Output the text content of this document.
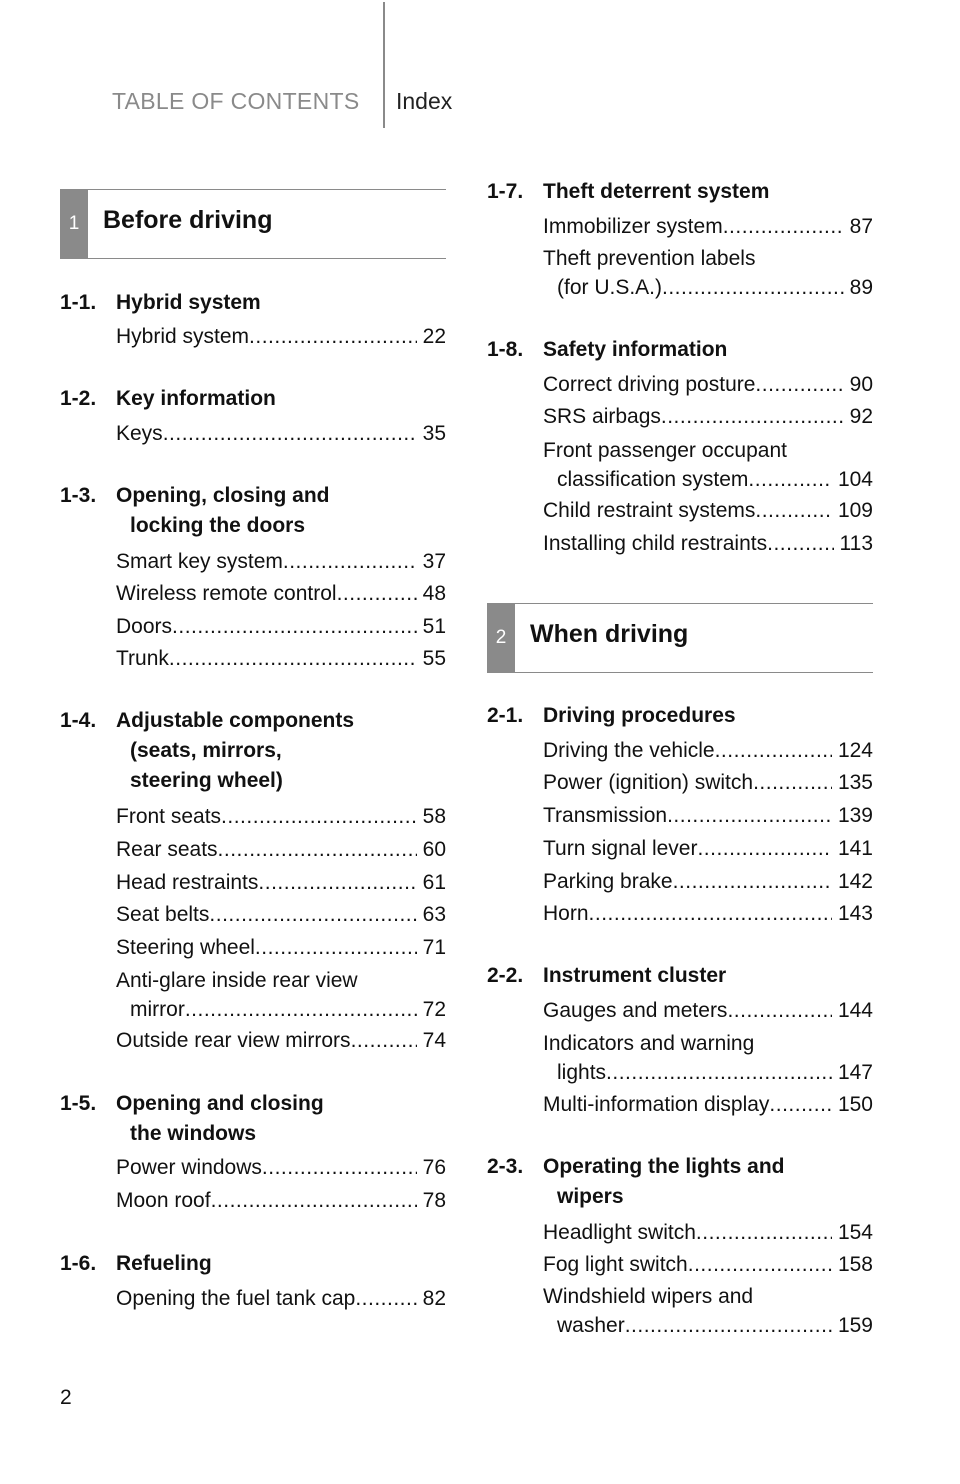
TABLE OF CONTENTS Index
1 Before driving
1-1. Hybrid system
Hybrid system .....	22
1-2. Key information
Keys .....	35
1-3. Opening, closing and
locking the doors
Smart key system .....	37
Wireless remote control .....	48
Doors .....	51
Trunk .....	55
1-4. Adjustable components
(seats, mirrors,
steering wheel)
Front seats .....	58
Rear seats .....	60
Head restraints .....	61
Seat belts .....	63
Steering wheel .....	71
Anti-glare inside rear view
mirror .....	72
Outside rear view mirrors .....	74
1-5. Opening and closing
the windows
Power windows .....	76
Moon roof .....	78
1-6. Refueling
Opening the fuel tank cap .....	82
1-7. Theft deterrent system
Immobilizer system .....	87
Theft prevention labels
(for U.S.A.) .....	89
1-8. Safety information
Correct driving posture .....	90
SRS airbags .....	92
Front passenger occupant
classification system .....	104
Child restraint systems .....	109
Installing child restraints .....	113
2 When driving
2-1. Driving procedures
Driving the vehicle .....	124
Power (ignition) switch .....	135
Transmission .....	139
Turn signal lever .....	141
Parking brake .....	142
Horn .....	143
2-2. Instrument cluster
Gauges and meters .....	144
Indicators and warning
lights .....	147
Multi-information display .....	150
2-3. Operating the lights and
wipers
Headlight switch .....	154
Fog light switch .....	158
Windshield wipers and
washer .....	159
2
